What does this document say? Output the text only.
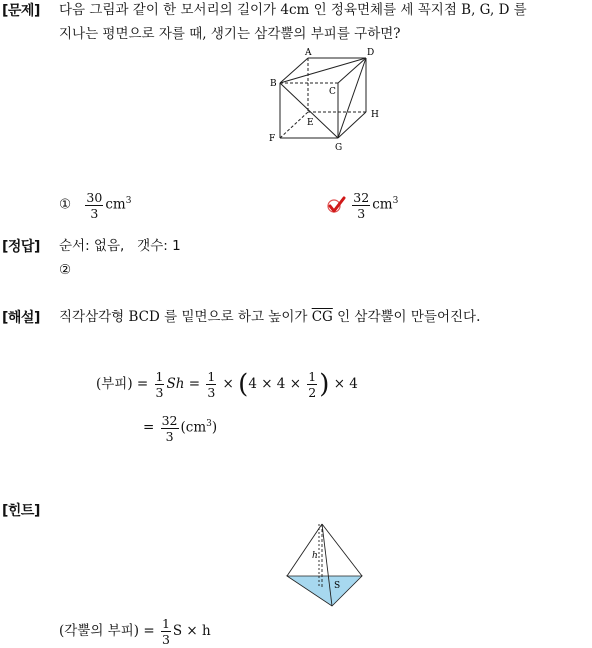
[문제] 다음 그림과 같이 한 모서리의 길이가 4cm 인 정육면체를 세 꼭지점 B, G, D 를
지나는 평면으로 자를 때, 생기는 삼각뿔의 부피를 구하면?
A	D
B
C
E
H
F
G
① $\frac{30}{3} cm^3$
	$\frac{32}{3} cm^3$
[정답] 순서: 없음,   갯수: 1
②
[해설] 직각삼각형 BCD 를 밑면으로 하고 높이가 $\overline{CG}$ 인 삼각뿔이 만들어진다.
(부피) = $\frac{1}{3}$ $Sh = \frac{1}{3} \times (4 \times 4 \times \frac{1}{2}$ ) × 4
= $\frac{32}{3} (cm^3)$
[힌트]
h
S
(각뿔의 부피) = $\frac{1}{3}$ S × h
